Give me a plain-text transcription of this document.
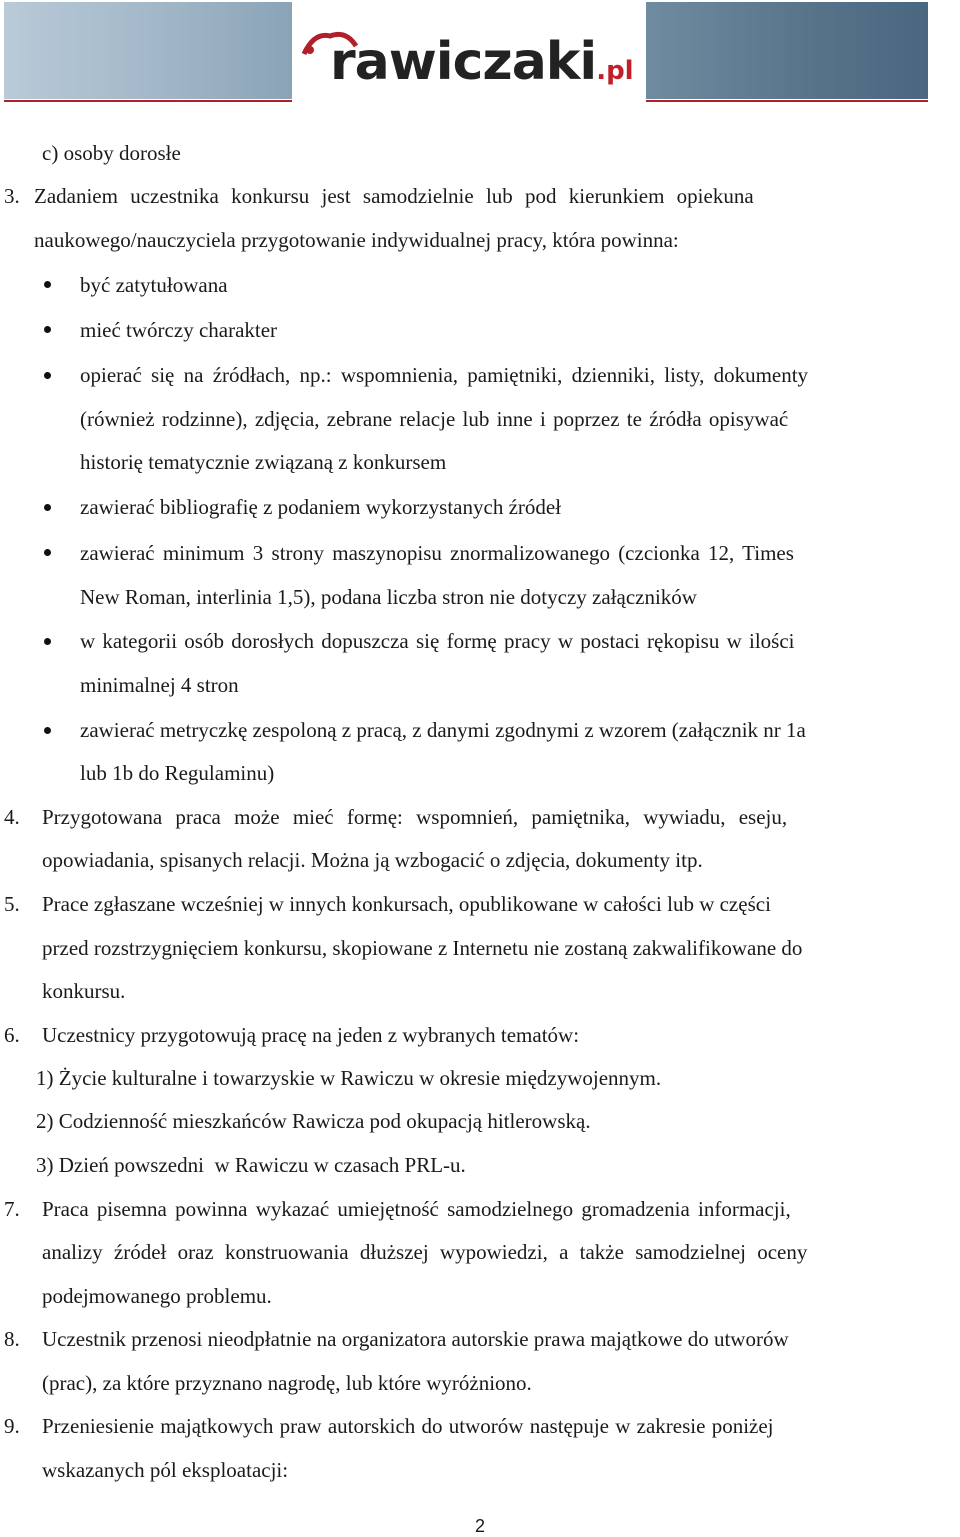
rawiczaki.pl
c) osoby dorosłe
3. Zadaniem uczestnika konkursu jest samodzielnie lub pod kierunkiem opiekuna
naukowego/nauczyciela przygotowanie indywidualnej pracy, która powinna:
być zatytułowana
mieć twórczy charakter
opierać się na źródłach, np.: wspomnienia, pamiętniki, dzienniki, listy, dokumenty
(również rodzinne), zdjęcia, zebrane relacje lub inne i poprzez te źródła opisywać
historię tematycznie związaną z konkursem
zawierać bibliografię z podaniem wykorzystanych źródeł
zawierać minimum 3 strony maszynopisu znormalizowanego (czcionka 12, Times
New Roman, interlinia 1,5), podana liczba stron nie dotyczy załączników
w kategorii osób dorosłych dopuszcza się formę pracy w postaci rękopisu w ilości
minimalnej 4 stron
zawierać metryczkę zespoloną z pracą, z danymi zgodnymi z wzorem (załącznik nr 1a
lub 1b do Regulaminu)
4. Przygotowana praca może mieć formę: wspomnień, pamiętnika, wywiadu, eseju,
opowiadania, spisanych relacji. Można ją wzbogacić o zdjęcia, dokumenty itp.
5. Prace zgłaszane wcześniej w innych konkursach, opublikowane w całości lub w części
przed rozstrzygnięciem konkursu, skopiowane z Internetu nie zostaną zakwalifikowane do
konkursu.
6. Uczestnicy przygotowują pracę na jeden z wybranych tematów:
1) Życie kulturalne i towarzyskie w Rawiczu w okresie międzywojennym.
2) Codzienność mieszkańców Rawicza pod okupacją hitlerowską.
3) Dzień powszedni  w Rawiczu w czasach PRL-u.
7. Praca pisemna powinna wykazać umiejętność samodzielnego gromadzenia informacji,
analizy źródeł oraz konstruowania dłuższej wypowiedzi, a także samodzielnej oceny
podejmowanego problemu.
8. Uczestnik przenosi nieodpłatnie na organizatora autorskie prawa majątkowe do utworów
(prac), za które przyznano nagrodę, lub które wyróżniono.
9. Przeniesienie majątkowych praw autorskich do utworów następuje w zakresie poniżej
wskazanych pól eksploatacji:
2
